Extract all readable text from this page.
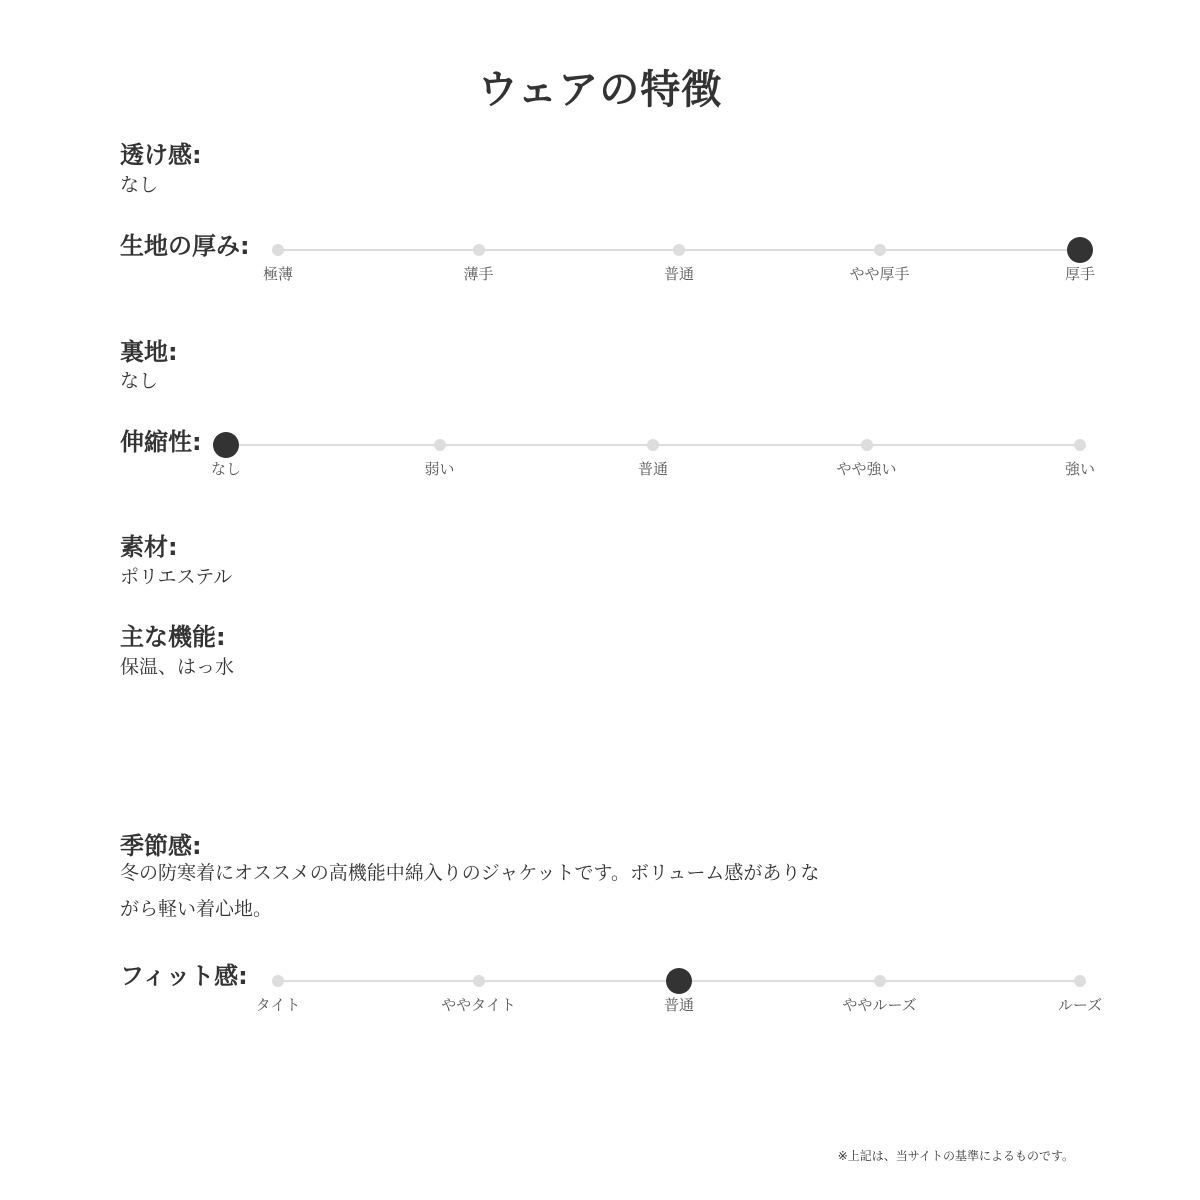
ウェアの特徴
透け感:
なし
生地の厚み:
極薄	薄手	普通	やや厚手	厚手
裏地:
なし
伸縮性:
なし	弱い	普通	やや強い	強い
素材:
ポリエステル
主な機能:
保温、はっ水
季節感:
冬の防寒着にオススメの高機能中綿入りのジャケットです。ボリューム感がありな
がら軽い着心地。
フィット感:
タイト	ややタイト	普通	ややルーズ	ルーズ
※上記は、当サイトの基準によるものです。
